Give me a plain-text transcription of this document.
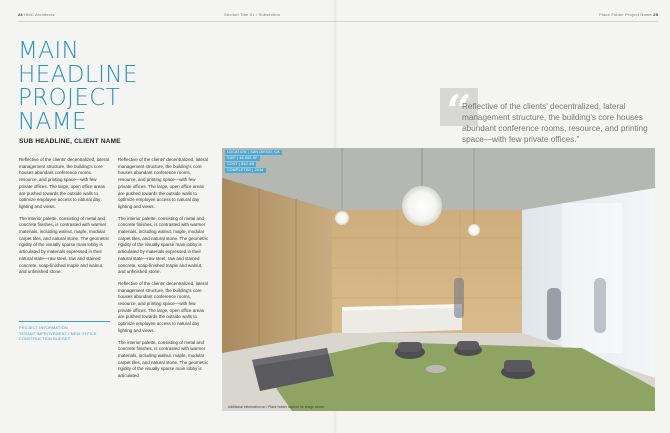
24 HMC Architects	Section Title 01 / Subsection	Place Folder Project Name 25
MAIN
HEADLINE
PROJECT
NAME
SUB HEADLINE, CLIENT NAME

Reflective of the clients' decentralized, lateral management structure, the building's core houses abundant conference rooms, resource, and printing space—with few private offices. The large, open office areas are pushed towards the outside walls to optimize employee access to natural day lighting and views.

The interior palette, consisting of metal and concrete finishes, is contrasted with warmer materials, including walnut, maple, modular carpet tiles, and natural stone. The geometric rigidity of the visually sparse main lobby is articulated by materials expressed in their natural state—raw steel, raw and stained concrete, soap-finished maple and walnut, and unfinished stone.

Reflective of the clients' decentralized, lateral management structure, the building's core houses abundant conference rooms, resource, and printing space—with few private offices. The large, open office areas are pushed towards the outside walls to optimize employee access to natural day lighting and views.

The interior palette, consisting of metal and concrete finishes, is contrasted with warmer materials, including walnut, maple, modular carpet tiles, and natural stone. The geometric rigidity of the visually sparse main lobby is articulated by materials expressed in their natural state—raw steel, raw and stained concrete, soap-finished maple and walnut, and unfinished stone.

Reflective of the clients' decentralized, lateral management structure, the building's core houses abundant conference rooms, resource, and printing space—with few private offices. The large, open office areas are pushed towards the outside walls to optimize employee access to natural day lighting and views.

The interior palette, consisting of metal and concrete finishes, is contrasted with warmer materials, including walnut, maple, modular carpet tiles, and natural stone. The geometric rigidity of the visually sparse main lobby is articulated

PROJECT INFORMATION
TENANT IMPROVEMENT / NEW OFFICE
CONSTRUCTION BUDGET
“
Reflective of the clients' decentralized, lateral management structure, the building's core houses abundant conference rooms, resource, and printing space—with few private offices."
LOCATION | SAN DIEGO, CA
SIZE | 48,000 SF
COST | $12.4M
COMPLETED | 2016
Additional information on / Place holder caption for image above.
